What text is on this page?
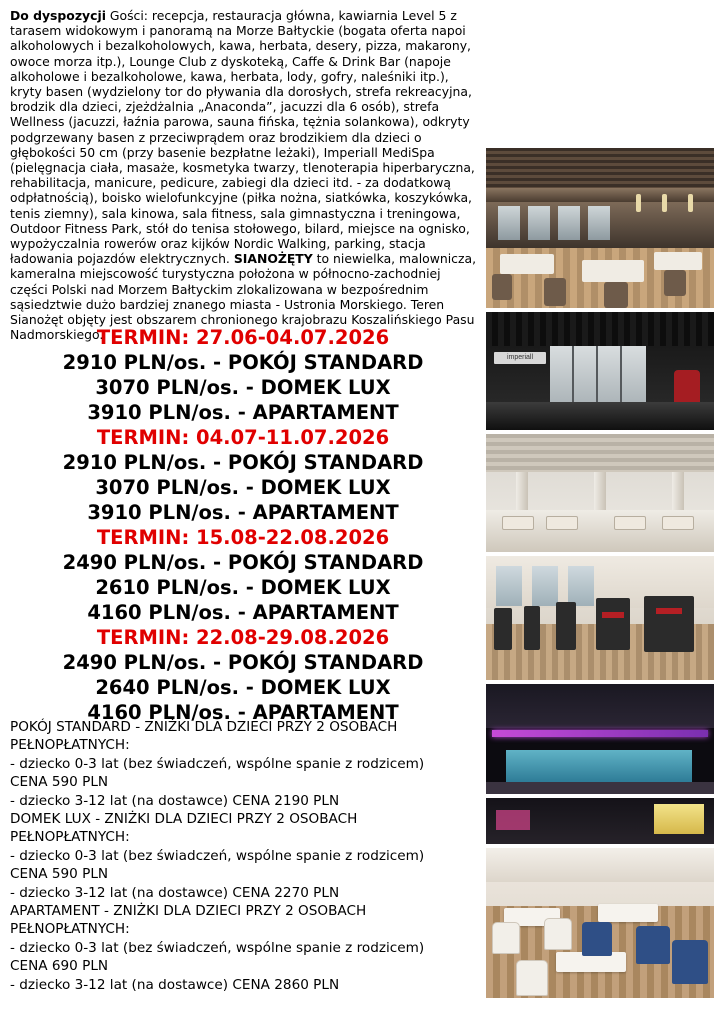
Do dyspozycji Gości: recepcja, restauracja główna, kawiarnia Level 5 z tarasem widokowym i panoramą na Morze Bałtyckie (bogata oferta napoi alkoholowych i bezalkoholowych, kawa, herbata, desery, pizza, makarony, owoce morza itp.), Lounge Club z dyskoteką, Caffe & Drink Bar (napoje alkoholowe i bezalkoholowe, kawa, herbata, lody, gofry, naleśniki itp.), kryty basen (wydzielony tor do pływania dla dorosłych, strefa rekreacyjna, brodzik dla dzieci, zjeżdżalnia „Anaconda”, jacuzzi dla 6 osób), strefa Wellness (jacuzzi, łaźnia parowa, sauna fińska, tężnia solankowa), odkryty podgrzewany basen z przeciwprądem oraz brodzikiem dla dzieci o głębokości 50 cm (przy basenie bezpłatne leżaki), Imperiall MediSpa (pielęgnacja ciała, masaże, kosmetyka twarzy, tlenoterapia hiperbaryczna, rehabilitacja, manicure, pedicure, zabiegi dla dzieci itd. - za dodatkową odpłatnością), boisko wielofunkcyjne (piłka nożna, siatkówka, koszykówka, tenis ziemny), sala kinowa, sala fitness, sala gimnastyczna i treningowa, Outdoor Fitness Park, stół do tenisa stołowego, bilard, miejsce na ognisko, wypożyczalnia rowerów oraz kijków Nordic Walking, parking, stacja ładowania pojazdów elektrycznych. SIANOŻĘTY to niewielka, malownicza, kameralna miejscowość turystyczna położona w północno-zachodniej części Polski nad Morzem Bałtyckim zlokalizowana w bezpośrednim sąsiedztwie dużo bardziej znanego miasta - Ustronia Morskiego. Teren Sianożęt objęty jest obszarem chronionego krajobrazu Koszalińskiego Pasu Nadmorskiego.

TERMIN: 27.06-04.07.2026

2910 PLN/os. - POKÓJ STANDARD

3070 PLN/os. - DOMEK LUX

3910 PLN/os. - APARTAMENT

TERMIN: 04.07-11.07.2026

2910 PLN/os. - POKÓJ STANDARD

3070 PLN/os. - DOMEK LUX

3910 PLN/os. - APARTAMENT

TERMIN: 15.08-22.08.2026

2490 PLN/os. - POKÓJ STANDARD

2610 PLN/os. - DOMEK LUX

4160 PLN/os. - APARTAMENT

TERMIN: 22.08-29.08.2026

2490 PLN/os. - POKÓJ STANDARD

2640 PLN/os. - DOMEK LUX

4160 PLN/os. - APARTAMENT

POKÓJ STANDARD - ZNIŻKI DLA DZIECI PRZY 2 OSOBACH
PEŁNOPŁATNYCH:
- dziecko 0-3 lat (bez świadczeń, wspólne spanie z rodzicem)
CENA 590 PLN
- dziecko 3-12 lat (na dostawce) CENA 2190 PLN
DOMEK LUX - ZNIŻKI DLA DZIECI PRZY 2 OSOBACH
PEŁNOPŁATNYCH:
- dziecko 0-3 lat (bez świadczeń, wspólne spanie z rodzicem)
CENA 590 PLN
- dziecko 3-12 lat (na dostawce) CENA 2270 PLN
APARTAMENT - ZNIŻKI DLA DZIECI PRZY 2 OSOBACH
PEŁNOPŁATNYCH:
- dziecko 0-3 lat (bez świadczeń, wspólne spanie z rodzicem)
CENA 690 PLN
- dziecko 3-12 lat (na dostawce) CENA 2860 PLN
imperiall
